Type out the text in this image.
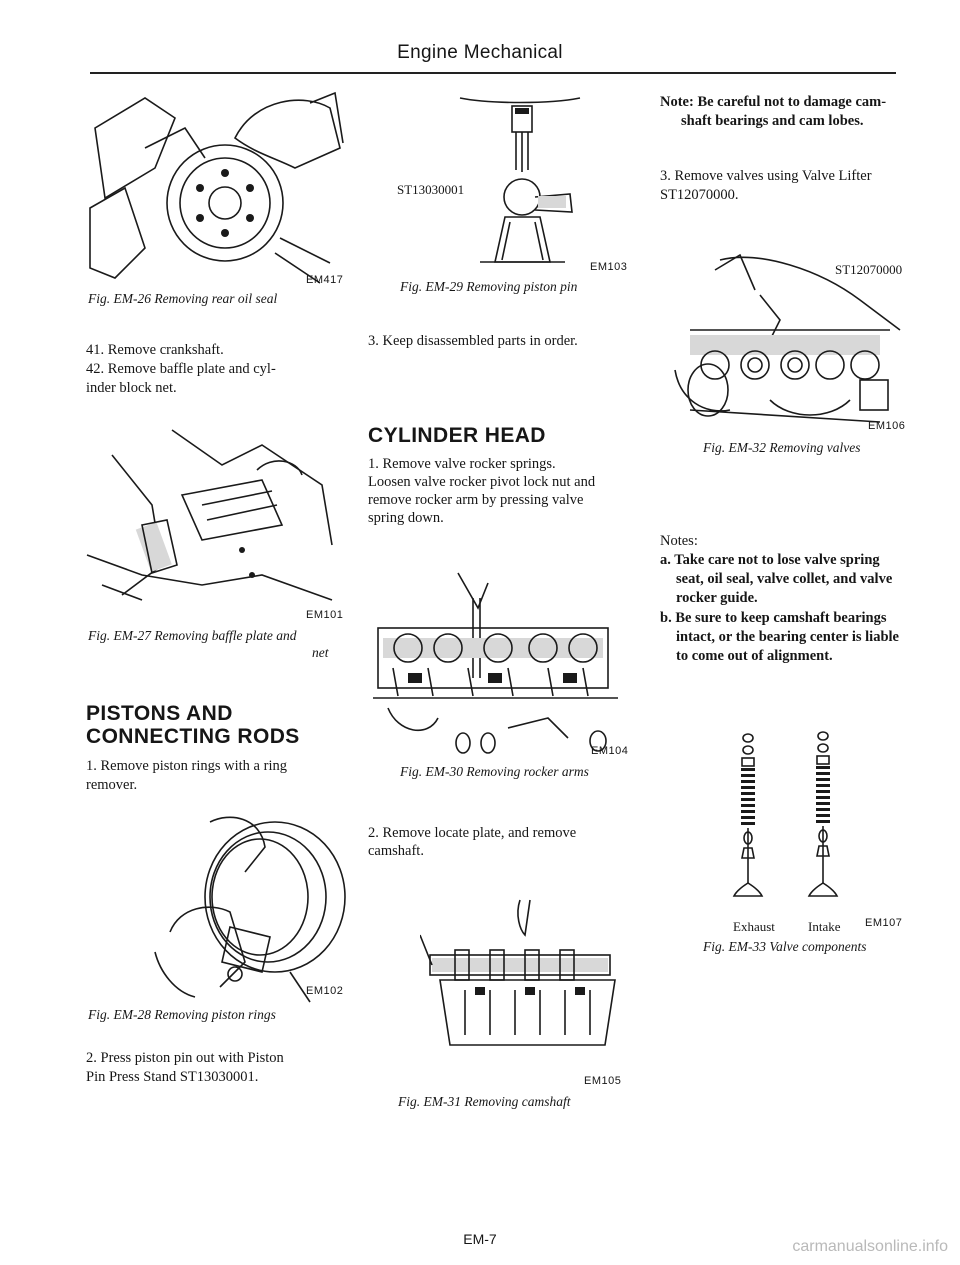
Engine Mechanical
EM417
Fig. EM-26 Removing rear oil seal
41. Remove crankshaft.
42. Remove baffle plate and cyl-
inder block net.
EM101
Fig. EM-27 Removing baffle plate and
net
PISTONS AND
CONNECTING RODS
1. Remove piston rings with a ring
remover.
EM102
Fig. EM-28 Removing piston rings
2. Press piston pin out with Piston
Pin Press Stand ST13030001.
ST13030001
EM103
Fig. EM-29 Removing piston pin
3. Keep disassembled parts in order.
CYLINDER HEAD
1. Remove valve rocker springs.
Loosen valve rocker pivot lock nut and
remove rocker arm by pressing valve
spring down.
EM104
Fig. EM-30 Removing rocker arms
2. Remove locate plate, and remove
camshaft.
EM105
Fig. EM-31 Removing camshaft
Note: Be careful not to damage cam-
shaft bearings and cam lobes.
3. Remove valves using Valve Lifter
ST12070000.
ST12070000
EM106
Fig. EM-32 Removing valves
Notes:
a. Take care not to lose valve spring
seat, oil seal, valve collet, and valve
rocker guide.
b. Be sure to keep camshaft bearings
intact, or the bearing center is liable
to come out of alignment.
Exhaust	Intake EM107
Fig. EM-33 Valve components
EM-7	carmanualsonline.info
